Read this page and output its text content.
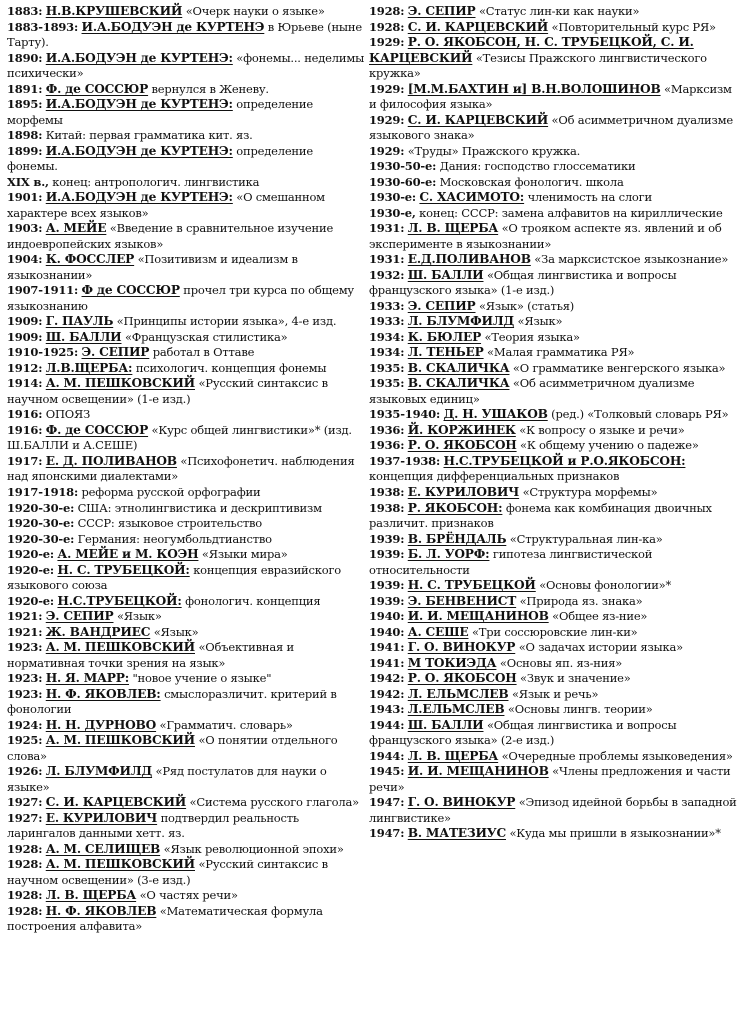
1883: Н.В.КРУШЕВСКИЙ «Очерк науки о языке»
1883-1893: И.А.БОДУЭН де КУРТЕНЭ в Юрьеве (ныне Тарту).
1890: И.А.БОДУЭН де КУРТЕНЭ: «фонемы... неделимы психически»
1891: Ф. де СОССЮР вернулся в Женеву.
1895: И.А.БОДУЭН де КУРТЕНЭ: определение морфемы
1898: Китай: первая грамматика кит. яз.
1899: И.А.БОДУЭН де КУРТЕНЭ: определение фонемы.
XIX в., конец: антропологич. лингвистика
1901: И.А.БОДУЭН де КУРТЕНЭ: «О смешанном характере всех языков»
1903: А. МЕЙЕ «Введение в сравнительное изучение индоевропейских языков»
1904: К. ФОССЛЕР «Позитивизм и идеализм в языкознании»
1907-1911: Ф де СОССЮР прочел три курса по общему языкознанию
1909: Г. ПАУЛЬ «Принципы истории языка», 4-е изд.
1909: Ш. БАЛЛИ «Французская стилистика»
1910-1925: Э. СЕПИР работал в Оттаве
1912: Л.В.ЩЕРБА: психологич. концепция фонемы
1914: А. М. ПЕШКОВСКИЙ «Русский синтаксис в научном освещении» (1-е изд.)
1916: ОПОЯЗ
1916: Ф. де СОССЮР «Курс общей лингвистики»* (изд. Ш.БАЛЛИ и А.СЕШЕ)
1917: Е. Д. ПОЛИВАНОВ «Психофонетич. наблюдения над японскими диалектами»
1917-1918: реформа русской орфографии
1920-30-е: США: этнолингвистика и дескриптивизм
1920-30-е: СССР: языковое строительство
1920-30-е: Германия: неогумбольдтианство
1920-е: А. МЕЙЕ и М. КОЭН «Языки мира»
1920-е: Н. С. ТРУБЕЦКОЙ: концепция евразийского языкового союза
1920-е: Н.С.ТРУБЕЦКОЙ: фонологич. концепция
1921: Э. СЕПИР «Язык»
1921: Ж. ВАНДРИЕС «Язык»
1923: А. М. ПЕШКОВСКИЙ «Объективная и нормативная точки зрения на язык»
1923: Н. Я. МАРР: "новое учение о языке"
1923: Н. Ф. ЯКОВЛЕВ: смыслоразличит. критерий в фонологии
1924: Н. Н. ДУРНОВО «Грамматич. словарь»
1925: А. М. ПЕШКОВСКИЙ «О понятии отдельного слова»
1926: Л. БЛУМФИЛД «Ряд постулатов для науки о языке»
1927: С. И. КАРЦЕВСКИЙ «Система русского глагола»
1927: Е. КУРИЛОВИЧ подтвердил реальность ларингалов данными хетт. яз.
1928: А. М. СЕЛИЩЕВ «Язык революционной эпохи»
1928: А. М. ПЕШКОВСКИЙ «Русский синтаксис в научном освещении» (3-е изд.)
1928: Л. В. ЩЕРБА «О частях речи»
1928: Н. Ф. ЯКОВЛЕВ «Математическая формула построения алфавита»
1928: Э. СЕПИР «Статус лин-ки как науки»
1928: С. И. КАРЦЕВСКИЙ «Повторительный курс РЯ»
1929: Р. О. ЯКОБСОН, Н. С. ТРУБЕЦКОЙ, С. И. КАРЦЕВСКИЙ «Тезисы Пражского лингвистического кружка»
1929: [М.М.БАХТИН и] В.Н.ВОЛОШИНОВ «Марксизм и философия языка»
1929: С. И. КАРЦЕВСКИЙ «Об асимметричном дуализме языкового знака»
1929: «Труды» Пражского кружка.
1930-50-е: Дания: господство глоссематики
1930-60-е: Московская фонологич. школа
1930-е: С. ХАСИМОТО: членимость на слоги
1930-е, конец: СССР: замена алфавитов на кириллические
1931: Л. В. ЩЕРБА «О трояком аспекте яз. явлений и об эксперименте в языкознании»
1931: Е.Д.ПОЛИВАНОВ «За марксистское языкознание»
1932: Ш. БАЛЛИ «Общая лингвистика и вопросы французского языка» (1-е изд.)
1933: Э. СЕПИР «Язык» (статья)
1933: Л. БЛУМФИЛД «Язык»
1934: К. БЮЛЕР «Теория языка»
1934: Л. ТЕНЬЕР «Малая грамматика РЯ»
1935: В. СКАЛИЧКА «О грамматике венгерского языка»
1935: В. СКАЛИЧКА «Об асимметричном дуализме языковых единиц»
1935-1940: Д. Н. УШАКОВ (ред.) «Толковый словарь РЯ»
1936: Й. КОРЖИНЕК «К вопросу о языке и речи»
1936: Р. О. ЯКОБСОН «К общему учению о падеже»
1937-1938: Н.С.ТРУБЕЦКОЙ и Р.О.ЯКОБСОН: концепция дифференциальных признаков
1938: Е. КУРИЛОВИЧ «Структура морфемы»
1938: Р. ЯКОБСОН: фонема как комбинация двоичных различит. признаков
1939: В. БРЁНДАЛЬ «Структуральная лин-ка»
1939: Б. Л. УОРФ: гипотеза лингвистической относительности
1939: Н. С. ТРУБЕЦКОЙ «Основы фонологии»*
1939: Э. БЕНВЕНИСТ «Природа яз. знака»
1940: И. И. МЕЩАНИНОВ «Общее яз-ние»
1940: А. СЕШЕ «Три соссюровские лин-ки»
1941: Г. О. ВИНОКУР «О задачах истории языка»
1941: М ТОКИЭДА «Основы яп. яз-ния»
1942: Р. О. ЯКОБСОН «Звук и значение»
1942: Л. ЕЛЬМСЛЕВ «Язык и речь»
1943: Л.ЕЛЬМСЛЕВ «Основы лингв. теории»
1944: Ш. БАЛЛИ «Общая лингвистика и вопросы французского языка» (2-е изд.)
1944: Л. В. ЩЕРБА «Очередные проблемы языковедения»
1945: И. И. МЕЩАНИНОВ «Члены предложения и части речи»
1947: Г. О. ВИНОКУР «Эпизод идейной борьбы в западной лингвистике»
1947: В. МАТЕЗИУС «Куда мы пришли в языкознании»*
